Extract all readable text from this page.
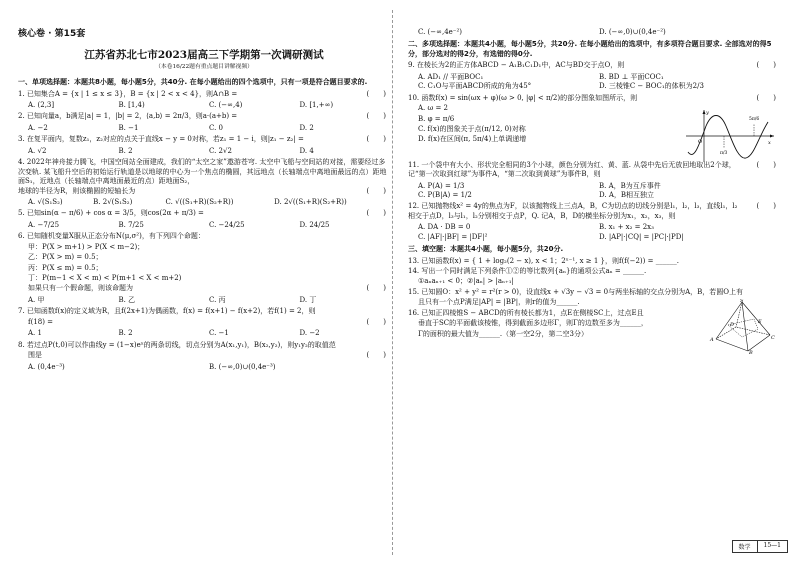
核心卷 · 第15套
江苏省苏北七市2023届高三下学期第一次调研测试
（本卷16/22题有重点题目讲解视频）
一、单项选择题：本题共8小题，每小题5分，共40分. 在每小题给出的四个选项中，只有一项是符合题目要求的.
1. 已知集合A = {x | 1 ≤ x ≤ 3}，B = {x | 2 < x < 4}，则A∩B =	(　　)
A. (2,3]	B. [1,4)	C. (−∞,4)	D. [1,+∞)
2. 已知向量a，b满足|a| = 1，|b| = 2，⟨a,b⟩ = 2π/3，则a·(a+b) =	(　　)
A. −2	B. −1	C. 0	D. 2
3. 在复平面内，复数z₁，z₂对应的点关于直线x − y = 0对称，若z₁ = 1 − i，则|z₁ − z₂| =	(　　)
A. √2	B. 2	C. 2√2	D. 4
4. 2022年神舟接力腾飞，中国空间站全面建成，我们的“太空之家”遨游苍穹. 太空中飞船与空间站的对接，需要经过多次变轨. 某飞船升空后的初始运行轨道是以地球的中心为一个焦点的椭圆，其远地点（长轴端点中离地面最远的点）距地面S₁，近地点（长轴端点中离地面最近的点）距地面S₂，
地球的半径为R，则该椭圆的短轴长为	(　　)
A. √(S₁S₂)	B. 2√(S₁S₂)	C. √((S₁+R)(S₂+R))	D. 2√((S₁+R)(S₂+R))
5. 已知sin(α − π/6) + cos α = 3/5，则cos(2α + π/3) =	(　　)
A. −7/25	B. 7/25	C. −24/25	D. 24/25
6. 已知随机变量X服从正态分布N(μ,σ²)，有下列四个命题：
甲：P(X > m+1) > P(X < m−2)；
乙：P(X > m) = 0.5；
丙：P(X ≤ m) = 0.5；
丁：P(m−1 < X < m) < P(m+1 < X < m+2)
如果只有一个假命题，则该命题为	(　　)
A. 甲	B. 乙	C. 丙	D. 丁
7. 已知函数f(x)的定义域为R，且f(2x+1)为偶函数，f(x) = f(x+1) − f(x+2)，若f(1) = 2，则
f(18) =	(　　)
A. 1	B. 2	C. −1	D. −2
8. 若过点P(t,0)可以作曲线y = (1−x)eˣ的两条切线，切点分别为A(x₁,y₁)，B(x₂,y₂)，则y₁y₂的取值范
围是	(　　)
A. (0,4e⁻³)	B. (−∞,0)∪(0,4e⁻³)
C. (−∞,4e⁻²)	D. (−∞,0)∪(0,4e⁻²)
二、多项选择题：本题共4小题，每小题5分，共20分. 在每小题给出的选项中，有多项符合题目要求. 全部选对的得5分，部分选对的得2分，有选错的得0分.
9. 在棱长为2的正方体ABCD − A₁B₁C₁D₁中，AC与BD交于点O，则	(　　)
A. AD₁ // 平面BOC₁	B. BD ⊥ 平面COC₁
C. C₁O与平面ABCD所成的角为45°	D. 三棱锥C − BOC₁的体积为2/3
10. 函数f(x) = sin(ωx + φ)(ω > 0, |φ| < π/2)的部分图象如图所示，则	(　　)
A. ω = 2
B. φ = π/6
C. f(x)的图象关于点(π/12, 0)对称
D. f(x)在区间(π, 5π/4)上单调递增	x
y
O
π/3
5π/6
11. 一个袋中有大小、形状完全相同的3个小球，颜色分别为红、黄、蓝. 从袋中先后无放回地取出2个球，记“第一次取到红球”为事件A，“第二次取到黄球”为事件B，则
(　　)
A. P(A) = 1/3	B. A，B为互斥事件
C. P(B|A) = 1/2	D. A，B相互独立
12. 已知抛物线x² = 4y的焦点为F，以该抛物线上三点A，B，C为切点的切线分别是l₁，l₂，l₃，直线l₁，l₂相交于点D，l₃与l₁，l₂分别相交于点P，Q. 记A，B，D的横坐标分别为x₁，x₂，x₃，则
(　　)
A. DA · DB = 0	B. x₁ + x₂ = 2x₃
C. |AF|·|BF| = |DF|²	D. |AP|·|CQ| = |PC|·|PD|
三、填空题：本题共4小题，每小题5分，共20分.
13. 已知函数f(x) = { 1 + log₂(2 − x), x < 1；2ˣ⁻¹, x ≥ 1 }，则f(f(−2)) = ______.
14. 写出一个同时满足下列条件①②的等比数列{aₙ}的通项公式aₙ = ______.
①aₙaₙ₊₁ < 0；②|aₙ| > |aₙ₊₁|
15. 已知圆O：x² + y² = r²(r > 0)，设直线x + √3y − √3 = 0与两坐标轴的交点分别为A，B，若圆O上有
且只有一个点P满足|AP| = |BP|，则r的值为______.
16. 已知正四棱锥S − ABCD的所有棱长都为1，点E在侧棱SC上，过点E且
垂直于SC的平面截该棱锥，得到截面多边形Γ，则Γ的边数至多为______，
Γ的面积的最大值为______.（第一空2分，第二空3分）
S
E
D
C
A
B
数学	15—1
